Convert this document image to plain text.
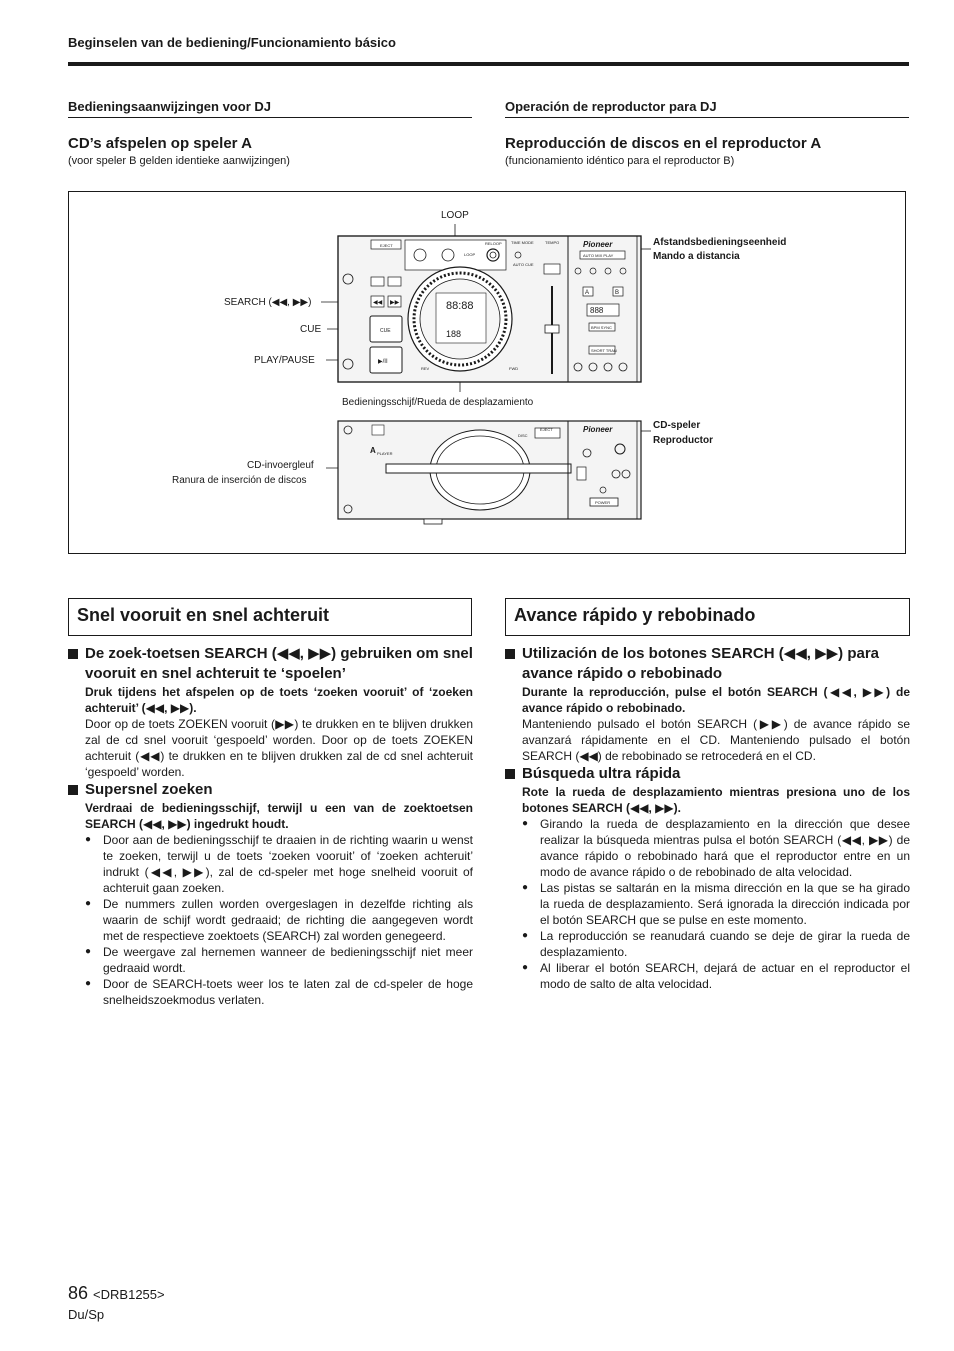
Beginselen van de bediening/Funcionamiento básico
Bedieningsaanwijzingen voor DJ
CD’s afspelen op speler A
(voor speler B gelden identieke aanwijzingen)
Operación de reproductor para DJ
Reproducción de discos en el reproductor A
(funcionamiento idéntico para el reproductor B)
LOOP
SEARCH (◀◀, ▶▶)
CUE
PLAY/PAUSE
Bedieningsschijf/Rueda de desplazamiento
Afstandsbedieningseenheid
Mando a distancia
CD-speler
Reproductor
CD-invoergleuf
Ranura de inserción de discos
EJECT
LOOP
RELOOP TIME MODE
AUTO CUE
◀◀ ▶▶
CUE
▶/II
88:88
188
REV	FWD
TEMPO	Pioneer
AUTO MIX PLAY
A	B
888
BPM SYNC
SHORT TRAN
A PLAYER
DISC
EJECT	Pioneer
POWER
Snel vooruit en snel achteruit	Avance rápido y rebobinado
De zoek-toetsen SEARCH (◀◀, ▶▶) gebruiken om snel vooruit en snel achteruit te ‘spoelen’

Druk tijdens het afspelen op de toets ‘zoeken vooruit’ of ‘zoeken achteruit’ (◀◀, ▶▶).

Door op de toets ZOEKEN vooruit (▶▶) te drukken en te blijven drukken zal de cd snel vooruit ‘gespoeld’ worden. Door op de toets ZOEKEN achteruit (◀◀) te drukken en te blijven drukken zal de cd snel achteruit ‘gespoeld’ worden.

Supersnel zoeken

Verdraai de bedieningsschijf, terwijl u een van de zoektoetsen SEARCH (◀◀, ▶▶) ingedrukt houdt.

● Door aan de bedieningsschijf te draaien in de richting waarin u wenst te zoeken, terwijl u de toets ‘zoeken vooruit’ of ‘zoeken achteruit’ indrukt (◀◀, ▶▶), zal de cd-speler met hoge snelheid vooruit of achteruit gaan zoeken.
● De nummers zullen worden overgeslagen in dezelfde richting als waarin de schijf wordt gedraaid; de richting die aangegeven wordt met de respectieve zoektoets (SEARCH) zal worden genegeerd.
● De weergave zal hernemen wanneer de bedieningsschijf niet meer gedraaid wordt.
● Door de SEARCH-toets weer los te laten zal de cd-speler de hoge snelheidszoekmodus verlaten.
Utilización de los botones SEARCH (◀◀, ▶▶) para avance rápido o rebobinado

Durante la reproducción, pulse el botón SEARCH (◀◀, ▶▶) de avance rápido o rebobinado.

Manteniendo pulsado el botón SEARCH (▶▶) de avance rápido se avanzará rápidamente en el CD. Manteniendo pulsado el botón SEARCH (◀◀) de rebobinado se retrocederá en el CD.

Búsqueda ultra rápida

Rote la rueda de desplazamiento mientras presiona uno de los botones SEARCH (◀◀, ▶▶).

● Girando la rueda de desplazamiento en la dirección que desee realizar la búsqueda mientras pulsa el botón SEARCH (◀◀, ▶▶) de avance rápido o rebobinado hará que el reproductor entre en un modo de avance rápido o de rebobinado de alta velocidad.
● Las pistas se saltarán en la misma dirección en la que se ha girado la rueda de desplazamiento. Será ignorada la dirección indicada por el botón SEARCH que se pulse en este momento.
● La reproducción se reanudará cuando se deje de girar la rueda de desplazamiento.
● Al liberar el botón SEARCH, dejará de actuar en el reproductor el modo de salto de alta velocidad.
86 <DRB1255>
Du/Sp
